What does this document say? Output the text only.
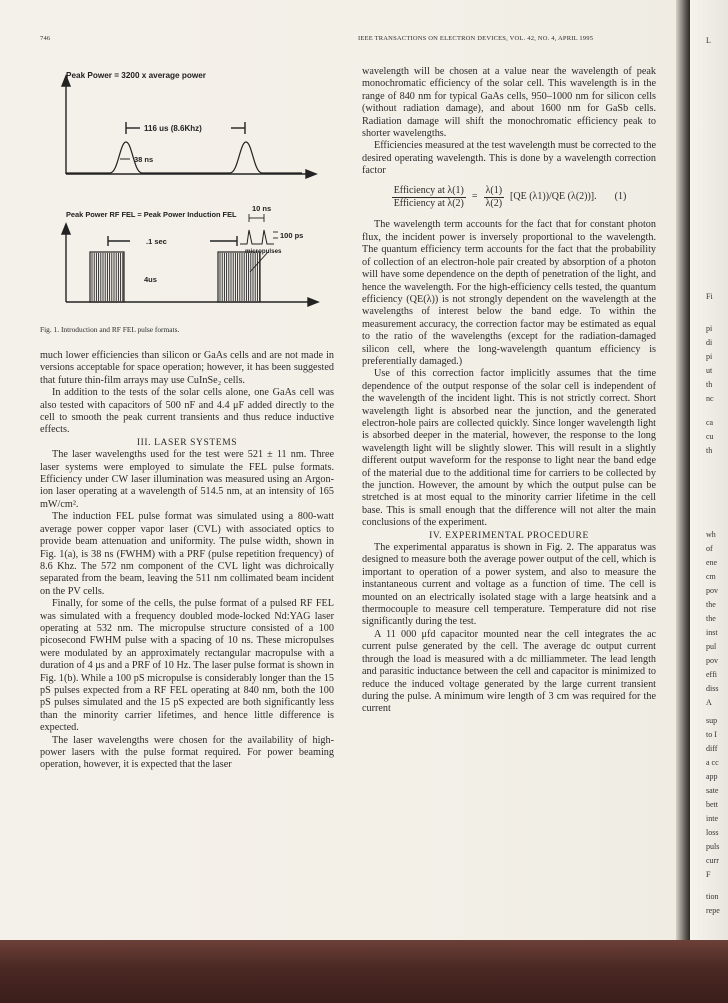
746	IEEE TRANSACTIONS ON ELECTRON DEVICES, VOL. 42, NO. 4, APRIL 1995
Peak Power = 3200 x average power
116 us (8.6Khz)
38 ns
Peak Power RF FEL = Peak Power Induction FEL
.1 sec
4us
10 ns
100 ps
micropulses
Fig. 1. Introduction and RF FEL pulse formats.

much lower efficiencies than silicon or GaAs cells and are not made in versions acceptable for space operation; however, it has been suggested that future thin-film arrays may use CuInSe₂ cells.

In addition to the tests of the solar cells alone, one GaAs cell was also tested with capacitors of 500 nF and 4.4 μF added directly to the cell to smooth the peak current transients and thus reduce inductive effects.

III. LASER SYSTEMS

The laser wavelengths used for the test were 521 ± 11 nm. Three laser systems were employed to simulate the FEL pulse formats. Efficiency under CW laser illumination was measured using an Argon-ion laser operating at a wavelength of 514.5 nm, at an intensity of 165 mW/cm².

The induction FEL pulse format was simulated using a 800-watt average power copper vapor laser (CVL) with associated optics to provide beam attenuation and uniformity. The pulse width, shown in Fig. 1(a), is 38 ns (FWHM) with a PRF (pulse repetition frequency) of 8.6 Khz. The 572 nm component of the CVL light was dichroically separated from the beam, leaving the 511 nm collimated beam incident on the PV cells.

Finally, for some of the cells, the pulse format of a pulsed RF FEL was simulated with a frequency doubled mode-locked Nd:YAG laser operating at 532 nm. The micropulse structure consisted of a 100 picosecond FWHM pulse with a spacing of 10 ns. These micropulses were modulated by an approximately rectangular macropulse with a duration of 4 μs and a PRF of 10 Hz. The laser pulse format is shown in Fig. 1(b). While a 100 pS micropulse is considerably longer than the 15 pS pulses expected from a RF FEL operating at 840 nm, both the 100 pS pulses simulated and the 15 pS expected are both significantly less than the minority carrier lifetimes, and hence little difference is expected.

The laser wavelengths were chosen for the availability of high-power lasers with the pulse format required. For power beaming operation, however, it is expected that the laser

wavelength will be chosen at a value near the wavelength of peak monochromatic efficiency of the solar cell. This wavelength is in the range of 840 nm for typical GaAs cells, 950–1000 nm for silicon cells (without radiation damage), and about 1600 nm for GaSb cells. Radiation damage will shift the monochromatic efficiency peak to shorter wavelengths.

Efficiencies measured at the test wavelength must be corrected to the desired operating wavelength. This is done by a wavelength correction factor

$\frac{\text{Efficiency at λ(1)}}{\text{Efficiency at λ(2)}} = \frac{\lambda(1)}{\lambda(2)} [QE$ (λ1))/QE (λ(2))]. (1)

The wavelength term accounts for the fact that for constant photon flux, the incident power is inversely proportional to the wavelength. The quantum efficiency term accounts for the fact that the probability of collection of an electron-hole pair created by absorption of a photon will have some dependence on the depth of penetration of the light, and hence the wavelength. For the high-efficiency cells tested, the quantum efficiency (QE(λ)) is not strongly dependent on the wavelength at the wavelengths of interest below the band edge. To within the measurement accuracy, the correction factor may be estimated as equal to the ratio of the wavelengths (except for the radiation-damaged silicon cell, where the long-wavelength quantum efficiency is preferentially damaged.)

Use of this correction factor implicitly assumes that the time dependence of the output response of the solar cell is independent of the wavelength of the incident light. This is not strictly correct. Short wavelength light is absorbed near the junction, and the generated electron-hole pairs are collected quickly. Since longer wavelength light is absorbed deeper in the material, however, the response to the long wavelength light will be slightly slower. This will result in a slightly different output waveform for the response to light near the band edge of the material due to the additional time for carriers to be collected by the junction. However, the amount by which the output pulse can be stretched is at most equal to the minority carrier lifetime in the cell base. This is small enough that the difference will not alter the main conclusions of the experiment.

IV. EXPERIMENTAL PROCEDURE

The experimental apparatus is shown in Fig. 2. The apparatus was designed to measure both the average power output of the cell, which is important to operation of a power system, and also to measure the instantaneous current and voltage as a function of time. The cell is mounted on an electrically isolated stage with a large heatsink and a thermocouple to measure cell temperature. Temperature did not rise significantly during the test.

A 11 000 μfd capacitor mounted near the cell integrates the ac current pulse generated by the cell. The average dc output current through the load is measured with a dc milliammeter. The lead length and parasitic inductance between the cell and capacitor is minimized to reduce the induced voltage generated by the large current transient during the pulse. A minimum wire length of 3 cm was required for the current

L
Fi
pi
di
pi
ut
th
nc
ca
cu
th
wh
of
ene
cm
pov
the
the
inst
pul
pov
effi
diss
A
sup
to I
diff
a cc
app
sate
bett
inte
loss
puls
curr
F
tion
repe
